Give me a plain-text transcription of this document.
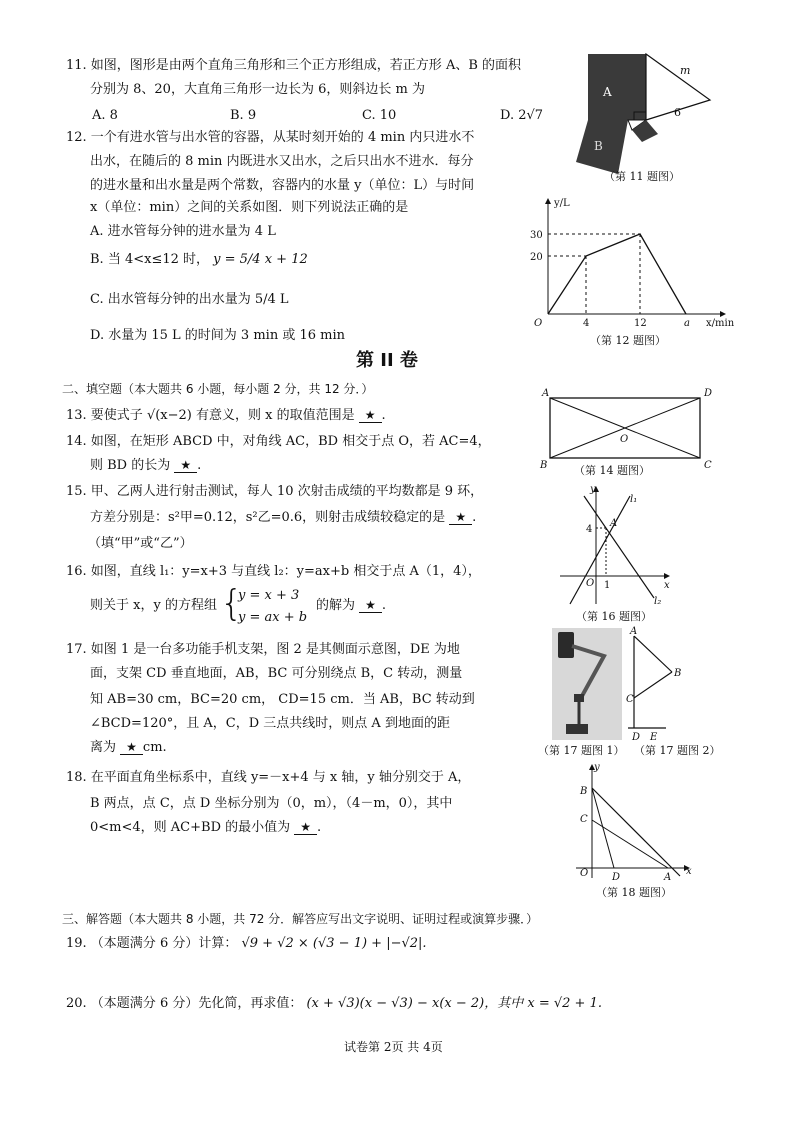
11. 如图，图形是由两个直角三角形和三个正方形组成，若正方形 A、B 的面积
分别为 8、20，大直角三角形一边长为 6，则斜边长 m 为
A. 8	B. 9	C. 10	D. 2√7
A
B
m
6
（第 11 题图）
12. 一个有进水管与出水管的容器，从某时刻开始的 4 min 内只进水不
出水，在随后的 8 min 内既进水又出水，之后只出水不进水．每分
的进水量和出水量是两个常数，容器内的水量 y（单位：L）与时间
x（单位：min）之间的关系如图．则下列说法正确的是
A. 进水管每分钟的进水量为 4 L
B. 当 4<x≤12 时， y = 5/4 x + 12
C. 出水管每分钟的出水量为 5/4 L
D. 水量为 15 L 的时间为 3 min 或 16 min
y/L
x/min
O
30
20
4	12	a
（第 12 题图）
第 II 卷
二、填空题（本大题共 6 小题，每小题 2 分，共 12 分．）
13. 要使式子 √(x−2) 有意义，则 x 的取值范围是 ★ .
14. 如图，在矩形 ABCD 中，对角线 AC，BD 相交于点 O，若 AC=4，
则 BD 的长为 ★ .
A	D
B	C
O
（第 14 题图）
15. 甲、乙两人进行射击测试，每人 10 次射击成绩的平均数都是 9 环，
方差分别是：s²甲=0.12，s²乙=0.6，则射击成绩较稳定的是 ★ .
（填“甲”或“乙”）
y
x
O
l₁
l₂
A
4
1
（第 16 题图）
16. 如图，直线 l₁：y=x+3 与直线 l₂：y=ax+b 相交于点 A（1，4），
则关于 x，y 的方程组 {
y = x + 3
y = ax + b
的解为 ★ .
17. 如图 1 是一台多功能手机支架，图 2 是其侧面示意图，DE 为地
面，支架 CD 垂直地面，AB，BC 可分别绕点 B，C 转动，测量
知 AB=30 cm，BC=20 cm， CD=15 cm．当 AB，BC 转动到
∠BCD=120°，且 A，C，D 三点共线时，则点 A 到地面的距
离为 ★ cm.
A
B
C
D E
（第 17 题图 1） （第 17 题图 2）
18. 在平面直角坐标系中，直线 y=－x+4 与 x 轴，y 轴分别交于 A，
B 两点，点 C，点 D 坐标分别为（0，m），（4－m，0），其中
0<m<4，则 AC+BD 的最小值为 ★ .
y
x
O
B
C
D	A
（第 18 题图）
三、解答题（本大题共 8 小题，共 72 分．解答应写出文字说明、证明过程或演算步骤．）
19. （本题满分 6 分）计算： √9 + √2 × (√3 − 1) + |−√2|.
20. （本题满分 6 分）先化简，再求值： (x + √3)(x − √3) − x(x − 2)，其中 x = √2 + 1.
试卷第 2页 共 4页
